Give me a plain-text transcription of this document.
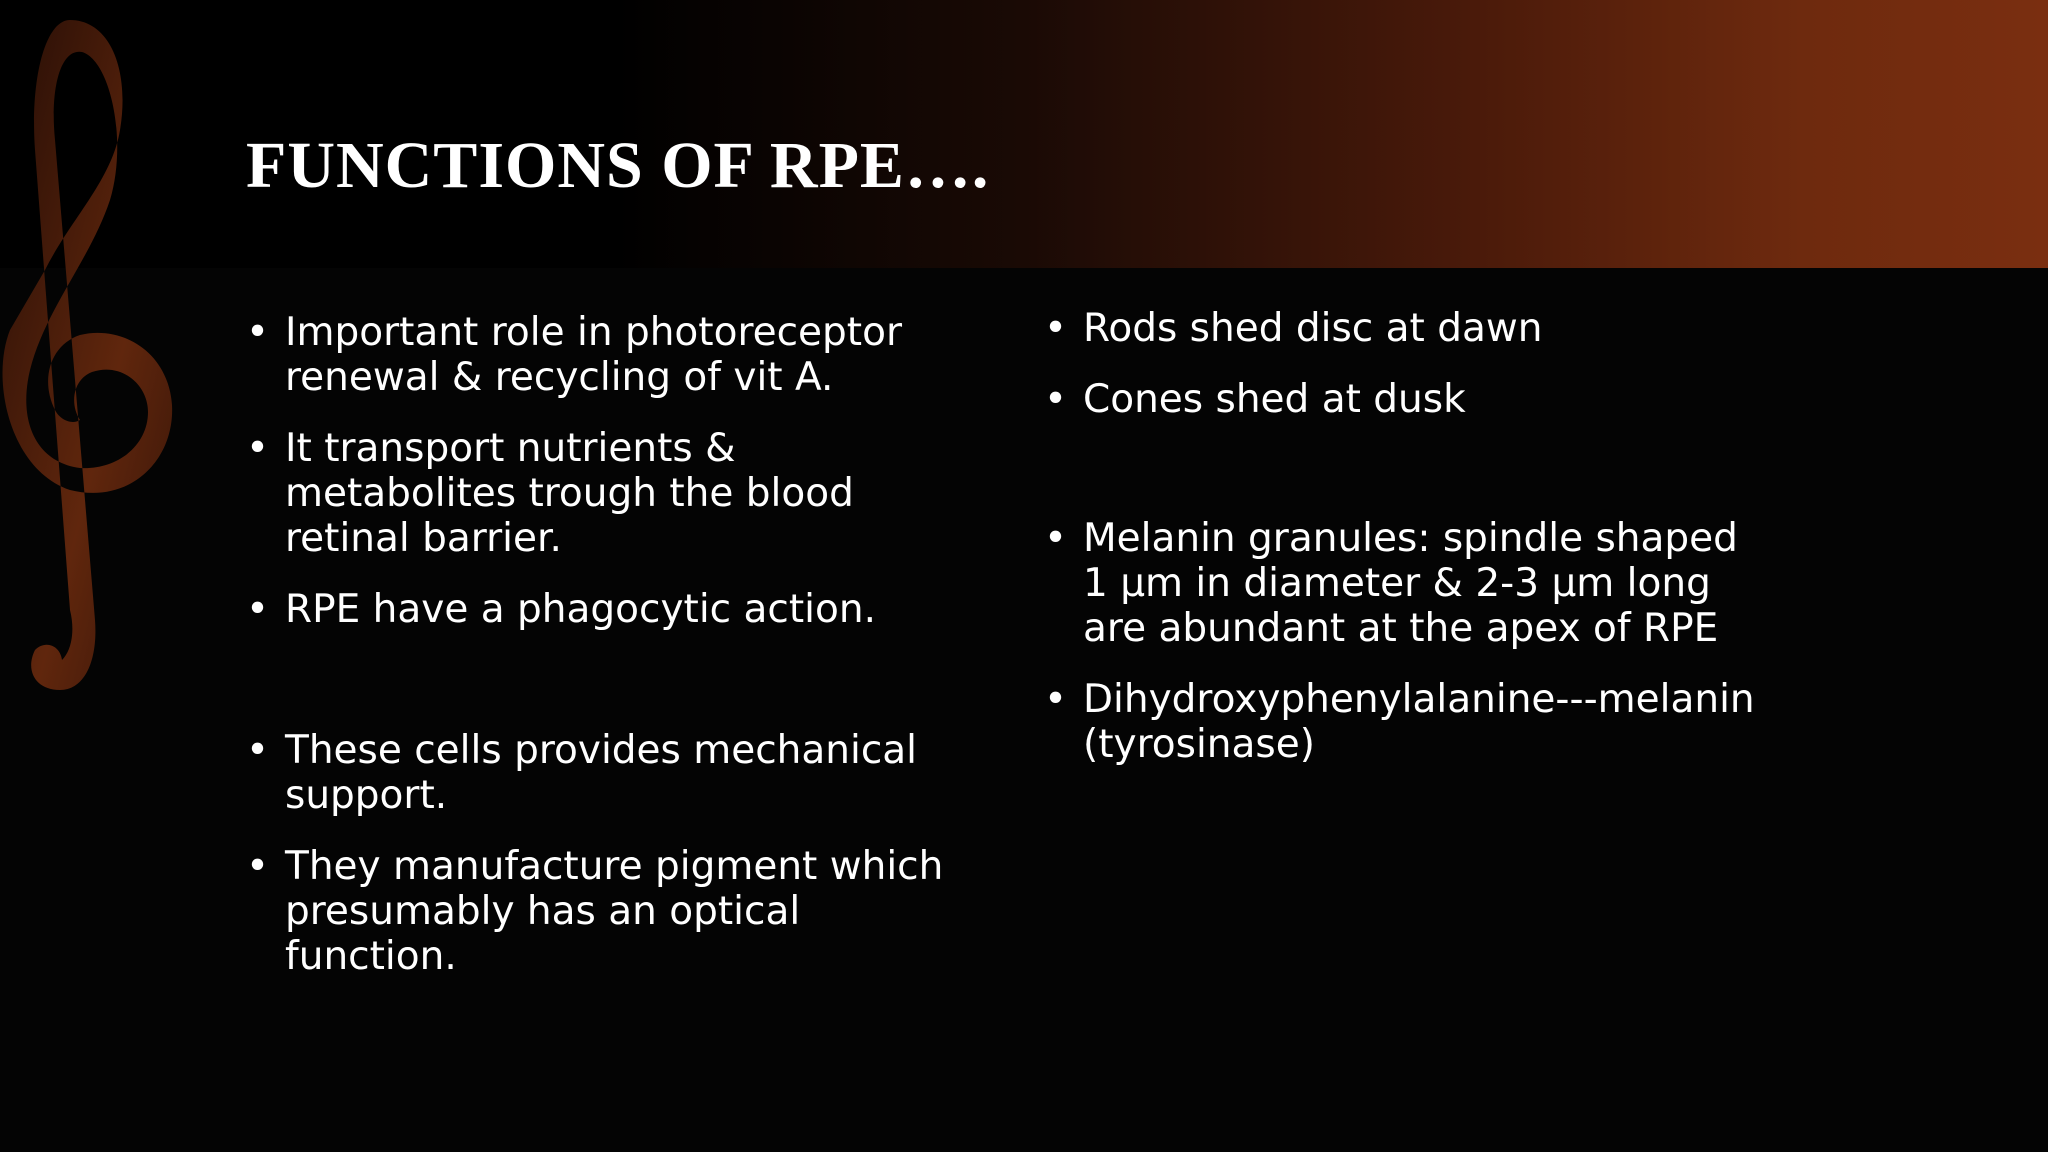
FUNCTIONS OF RPE….
• Important role in photoreceptor renewal & recycling of vit A.
• It transport nutrients & metabolites trough the blood retinal barrier.
• RPE have a phagocytic action.
• These cells provides mechanical support.
• They manufacture pigment which presumably has an optical function.
• Rods shed disc at dawn
• Cones shed at dusk
• Melanin granules: spindle shaped 1 µm in diameter & 2-3 µm long are abundant at the apex of RPE
• Dihydroxyphenylalanine---melanin (tyrosinase)
